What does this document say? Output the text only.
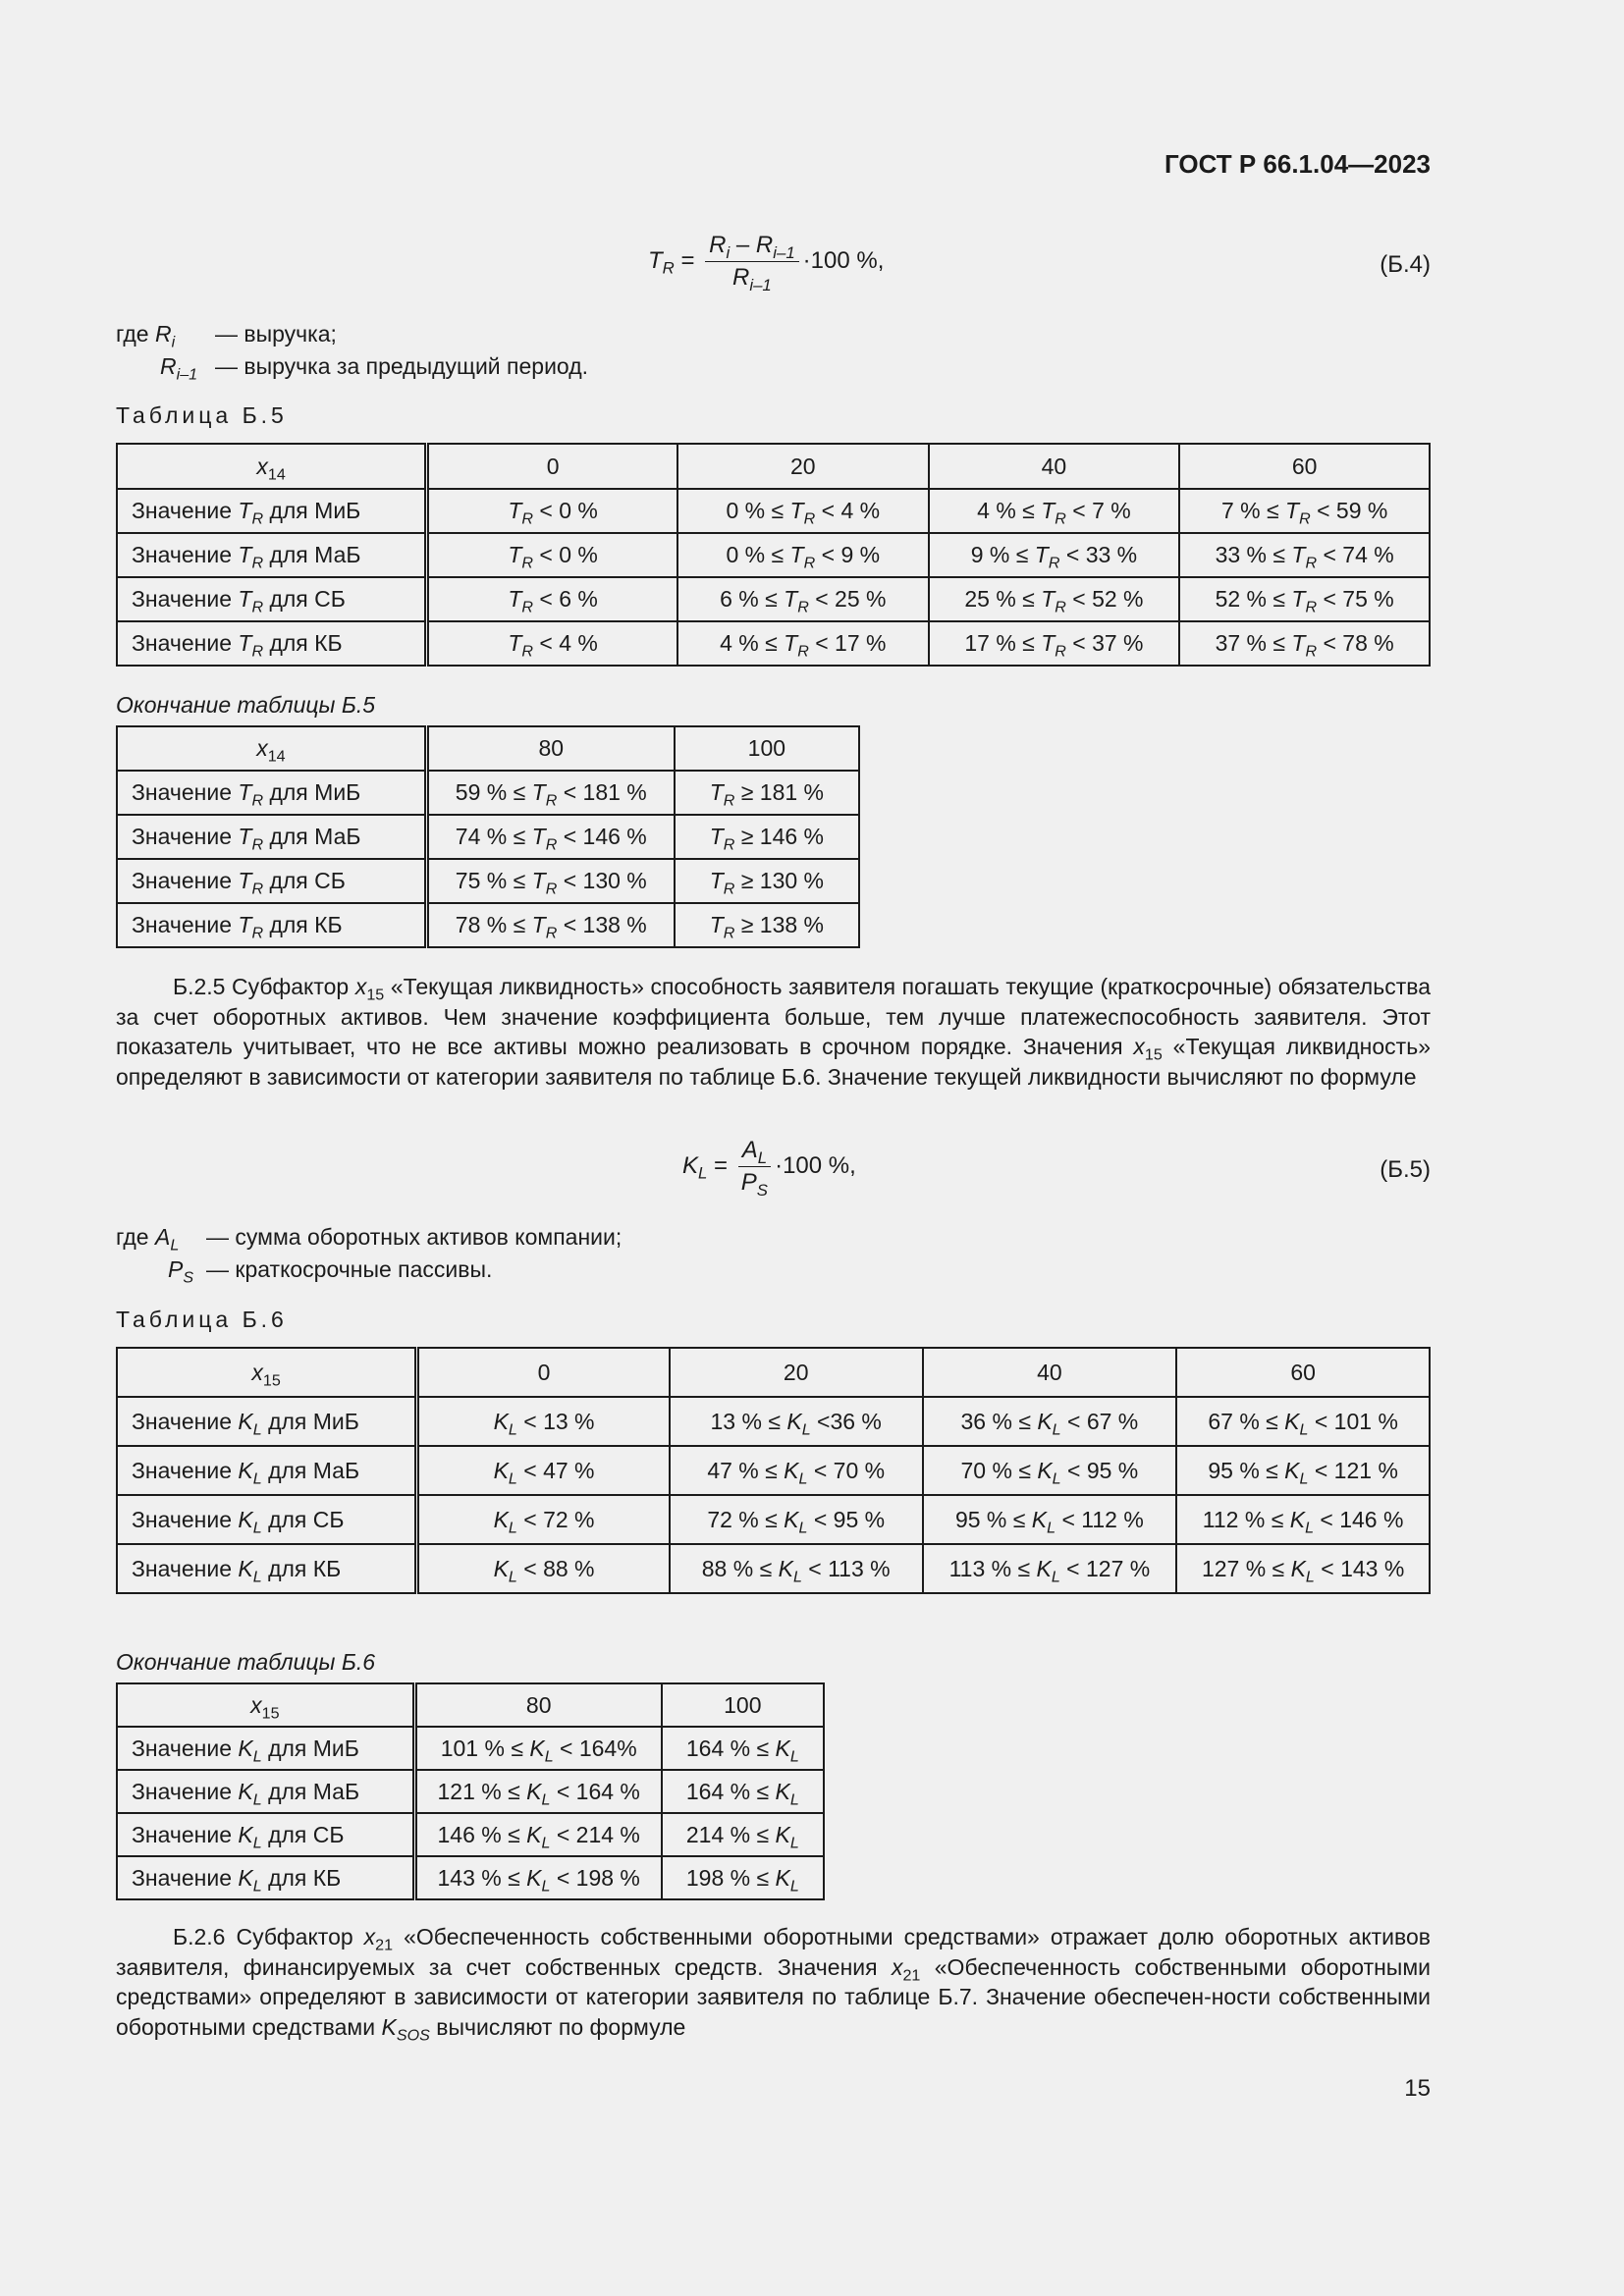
ГОСТ Р 66.1.04—2023
$T_R = \frac{R_i - R_{i-1}}{R_{i-1}} \cdot 100$ %,	(Б.4)
где $R_i$ — выручка;
$R_{i-1}$ — выручка за предыдущий период.
Таблица Б.5
$x_{14}$	0	20	40	60
Значение $T_R$ для МиБ	$T_R < 0$ %	0 % ≤ $T_R < 4$ %	4 % ≤ $T_R < 7$ %	7 % ≤ $T_R < 59$ %
Значение $T_R$ для МаБ	$T_R < 0$ %	0 % ≤ $T_R < 9$ %	9 % ≤ $T_R < 33$ %	33 % ≤ $T_R < 74$ %
Значение $T_R$ для СБ	$T_R < 6$ %	6 % ≤ $T_R < 25$ %	25 % ≤ $T_R < 52$ %	52 % ≤ $T_R < 75$ %
Значение $T_R$ для КБ	$T_R < 4$ %	4 % ≤ $T_R < 17$ %	17 % ≤ $T_R < 37$ %	37 % ≤ $T_R < 78$ %
Окончание таблицы Б.5
$x_{14}$	80	100
Значение $T_R$ для МиБ	59 % ≤ $T_R < 181$ %	$T_R \ge 181$ %
Значение $T_R$ для МаБ	74 % ≤ $T_R < 146$ %	$T_R \ge 146$ %
Значение $T_R$ для СБ	75 % ≤ $T_R < 130$ %	$T_R \ge 130$ %
Значение $T_R$ для КБ	78 % ≤ $T_R < 138$ %	$T_R \ge 138$ %
Б.2.5 Субфактор $x_{15}$ «Текущая ликвидность» способность заявителя погашать текущие (краткосрочные) обязательства за счет оборотных активов. Чем значение коэффициента больше, тем лучше платежеспособность заявителя. Этот показатель учитывает, что не все активы можно реализовать в срочном порядке. Значения $x_{15}$ «Текущая ликвидность» определяют в зависимости от категории заявителя по таблице Б.6. Значение текущей ликвидности вычисляют по формуле
$K_L = \frac{A_L}{P_S} \cdot 100$ %,	(Б.5)
где $A_L$ — сумма оборотных активов компании;
$P_S$ — краткосрочные пассивы.
Таблица Б.6
$x_{15}$	0	20	40	60
Значение $K_L$ для МиБ	$K_L < 13$ %	13 % ≤ $K_L <36$ %	36 % ≤ $K_L < 67$ %	67 % ≤ $K_L < 101$ %
Значение $K_L$ для МаБ	$K_L < 47$ %	47 % ≤ $K_L < 70$ %	70 % ≤ $K_L < 95$ %	95 % ≤ $K_L < 121$ %
Значение $K_L$ для СБ	$K_L < 72$ %	72 % ≤ $K_L < 95$ %	95 % ≤ $K_L < 112$ %	112 % ≤ $K_L < 146$ %
Значение $K_L$ для КБ	$K_L < 88$ %	88 % ≤ $K_L < 113$ %	113 % ≤ $K_L < 127$ %	127 % ≤ $K_L < 143$ %
Окончание таблицы Б.6
$x_{15}$	80	100
Значение $K_L$ для МиБ	101 % ≤ $K_L < 164\%$	164 % ≤ $K_L$
Значение $K_L$ для МаБ	121 % ≤ $K_L < 164$ %	164 % ≤ $K_L$
Значение $K_L$ для СБ	146 % ≤ $K_L < 214$ %	214 % ≤ $K_L$
Значение $K_L$ для КБ	143 % ≤ $K_L < 198$ %	198 % ≤ $K_L$
Б.2.6 Субфактор $x_{21}$ «Обеспеченность собственными оборотными средствами» отражает долю оборотных активов заявителя, финансируемых за счет собственных средств. Значения $x_{21}$ «Обеспеченность собственными оборотными средствами» определяют в зависимости от категории заявителя по таблице Б.7. Значение обеспечен-ности собственными оборотными средствами $K_{SOS}$ вычисляют по формуле
15
